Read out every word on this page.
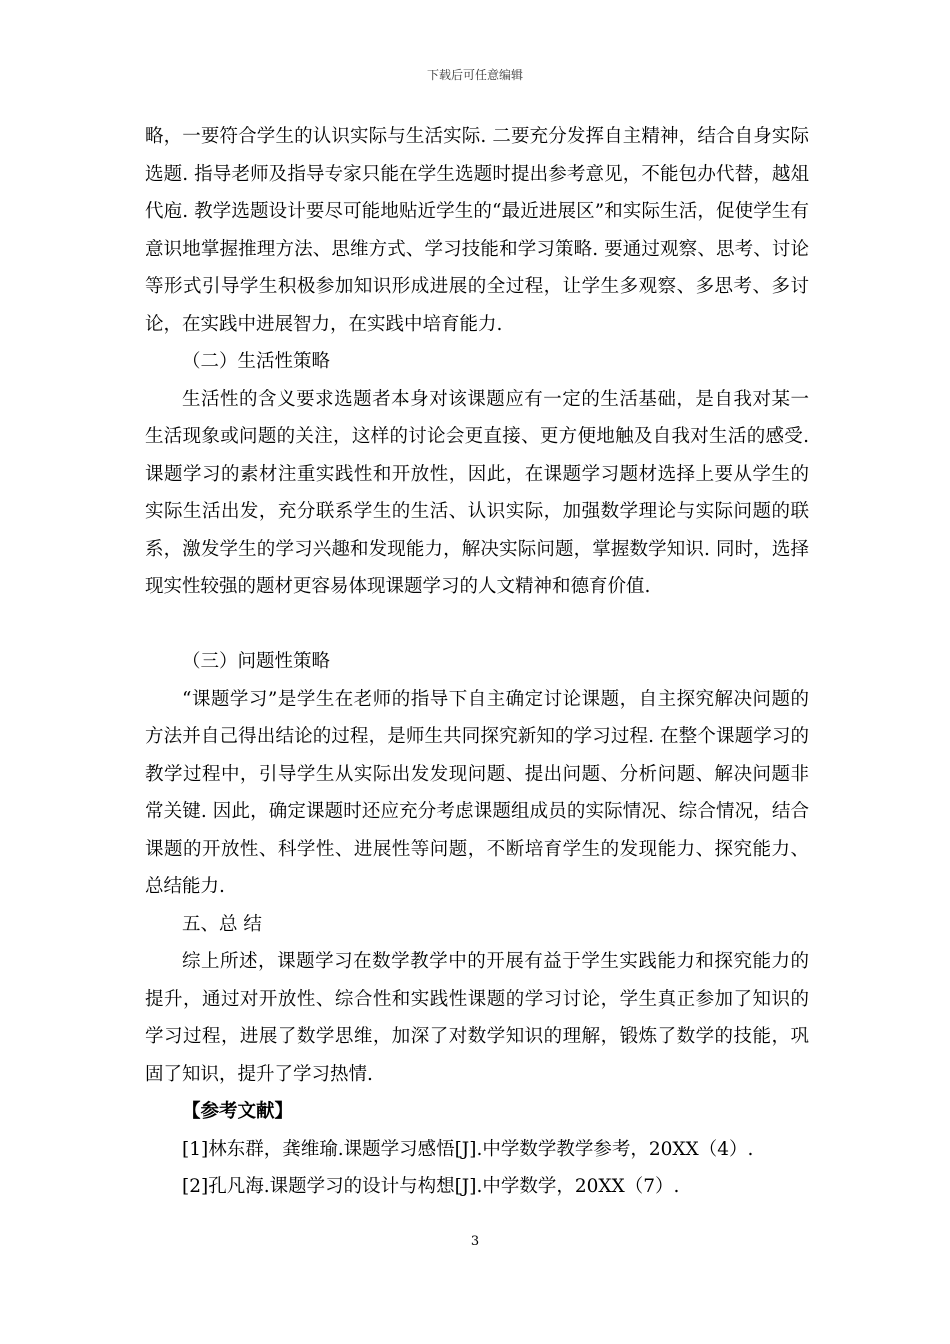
下载后可任意编辑

略，一要符合学生的认识实际与生活实际. 二要充分发挥自主精神，结合自身实际选题. 指导老师及指导专家只能在学生选题时提出参考意见，不能包办代替，越俎代庖. 教学选题设计要尽可能地贴近学生的“最近进展区”和实际生活，促使学生有意识地掌握推理方法、思维方式、学习技能和学习策略. 要通过观察、思考、讨论等形式引导学生积极参加知识形成进展的全过程，让学生多观察、多思考、多讨论，在实践中进展智力，在实践中培育能力.

（二）生活性策略

生活性的含义要求选题者本身对该课题应有一定的生活基础，是自我对某一生活现象或问题的关注，这样的讨论会更直接、更方便地触及自我对生活的感受. 课题学习的素材注重实践性和开放性，因此，在课题学习题材选择上要从学生的实际生活出发，充分联系学生的生活、认识实际，加强数学理论与实际问题的联系，激发学生的学习兴趣和发现能力，解决实际问题，掌握数学知识. 同时，选择现实性较强的题材更容易体现课题学习的人文精神和德育价值.

（三）问题性策略

“课题学习”是学生在老师的指导下自主确定讨论课题，自主探究解决问题的方法并自己得出结论的过程，是师生共同探究新知的学习过程. 在整个课题学习的教学过程中，引导学生从实际出发发现问题、提出问题、分析问题、解决问题非常关键. 因此，确定课题时还应充分考虑课题组成员的实际情况、综合情况，结合课题的开放性、科学性、进展性等问题，不断培育学生的发现能力、探究能力、总结能力.

五、总 结

综上所述，课题学习在数学教学中的开展有益于学生实践能力和探究能力的提升，通过对开放性、综合性和实践性课题的学习讨论，学生真正参加了知识的学习过程，进展了数学思维，加深了对数学知识的理解，锻炼了数学的技能，巩固了知识，提升了学习热情.

【参考文献】

[1]林东群，龚维瑜.课题学习感悟[J].中学数学教学参考，20XX（4）.

[2]孔凡海.课题学习的设计与构想[J].中学数学，20XX（7）.

3
